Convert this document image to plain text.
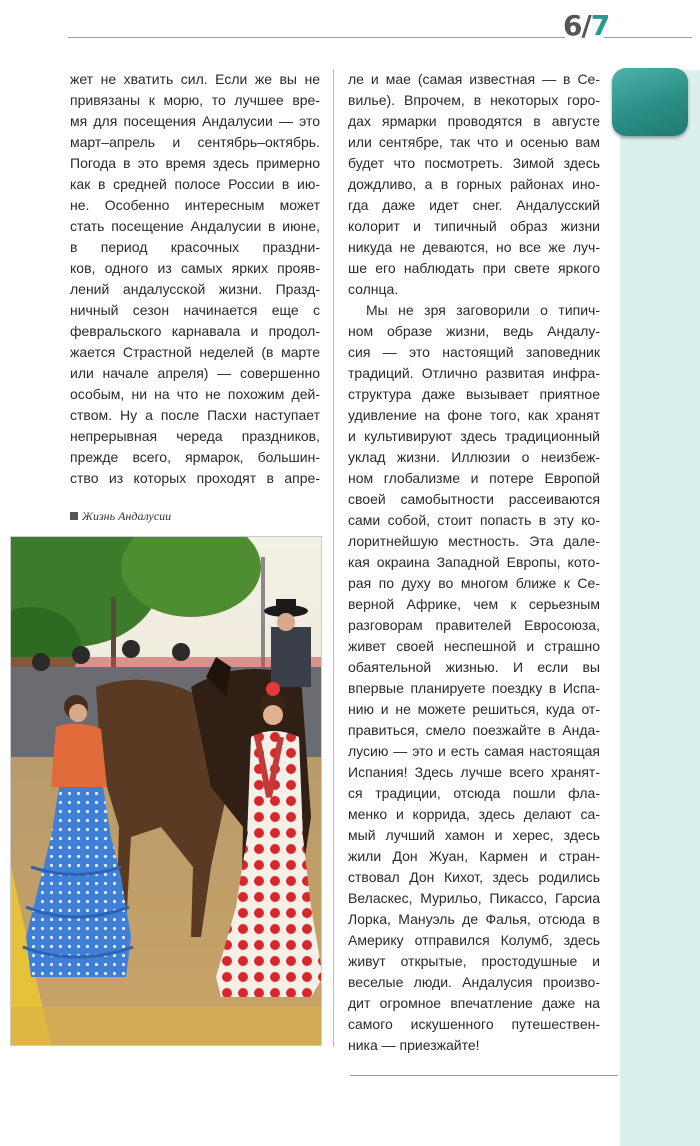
6/7
жет не хватить сил. Если же вы не
привязаны к морю, то лучшее вре-
мя для посещения Андалусии — это
март–апрель и сентябрь–октябрь.
Погода в это время здесь примерно
как в средней полосе России в ию-
не. Особенно интересным может
стать посещение Андалусии в июне,
в период красочных праздни-
ков, одного из самых ярких прояв-
лений андалусской жизни. Празд-
ничный сезон начинается еще с
февральского карнавала и продол-
жается Страстной неделей (в марте
или начале апреля) — совершенно
особым, ни на что не похожим дей-
ством. Ну а после Пасхи наступает
непрерывная череда праздников,
прежде всего, ярмарок, большин-
ство из которых проходят в апре-
ле и мае (самая известная — в Се-
вилье). Впрочем, в некоторых горо-
дах ярмарки проводятся в августе
или сентябре, так что и осенью вам
будет что посмотреть. Зимой здесь
дождливо, а в горных районах ино-
гда даже идет снег. Андалусский
колорит и типичный образ жизни
никуда не деваются, но все же луч-
ше его наблюдать при свете яркого
солнца.
Мы не зря заговорили о типич-
ном образе жизни, ведь Андалу-
сия — это настоящий заповедник
традиций. Отлично развитая инфра-
структура даже вызывает приятное
удивление на фоне того, как хранят
и культивируют здесь традиционный
уклад жизни. Иллюзии о неизбеж-
ном глобализме и потере Европой
своей самобытности рассеиваются
сами собой, стоит попасть в эту ко-
лоритнейшую местность. Эта дале-
кая окраина Западной Европы, кото-
рая по духу во многом ближе к Се-
верной Африке, чем к серьезным
разговорам правителей Евросоюза,
живет своей неспешной и страшно
обаятельной жизнью. И если вы
впервые планируете поездку в Испа-
нию и не можете решиться, куда от-
правиться, смело поезжайте в Анда-
лусию — это и есть самая настоящая
Испания! Здесь лучше всего хранят-
ся традиции, отсюда пошли фла-
менко и коррида, здесь делают са-
мый лучший хамон и херес, здесь
жили Дон Жуан, Кармен и стран-
ствовал Дон Кихот, здесь родились
Веласкес, Мурильо, Пикассо, Гарсиа
Лорка, Мануэль де Фалья, отсюда в
Америку отправился Колумб, здесь
живут открытые, простодушные и
веселые люди. Андалусия произво-
дит огромное впечатление даже на
самого искушенного путешествен-
ника — приезжайте!
Жизнь Андалусии
